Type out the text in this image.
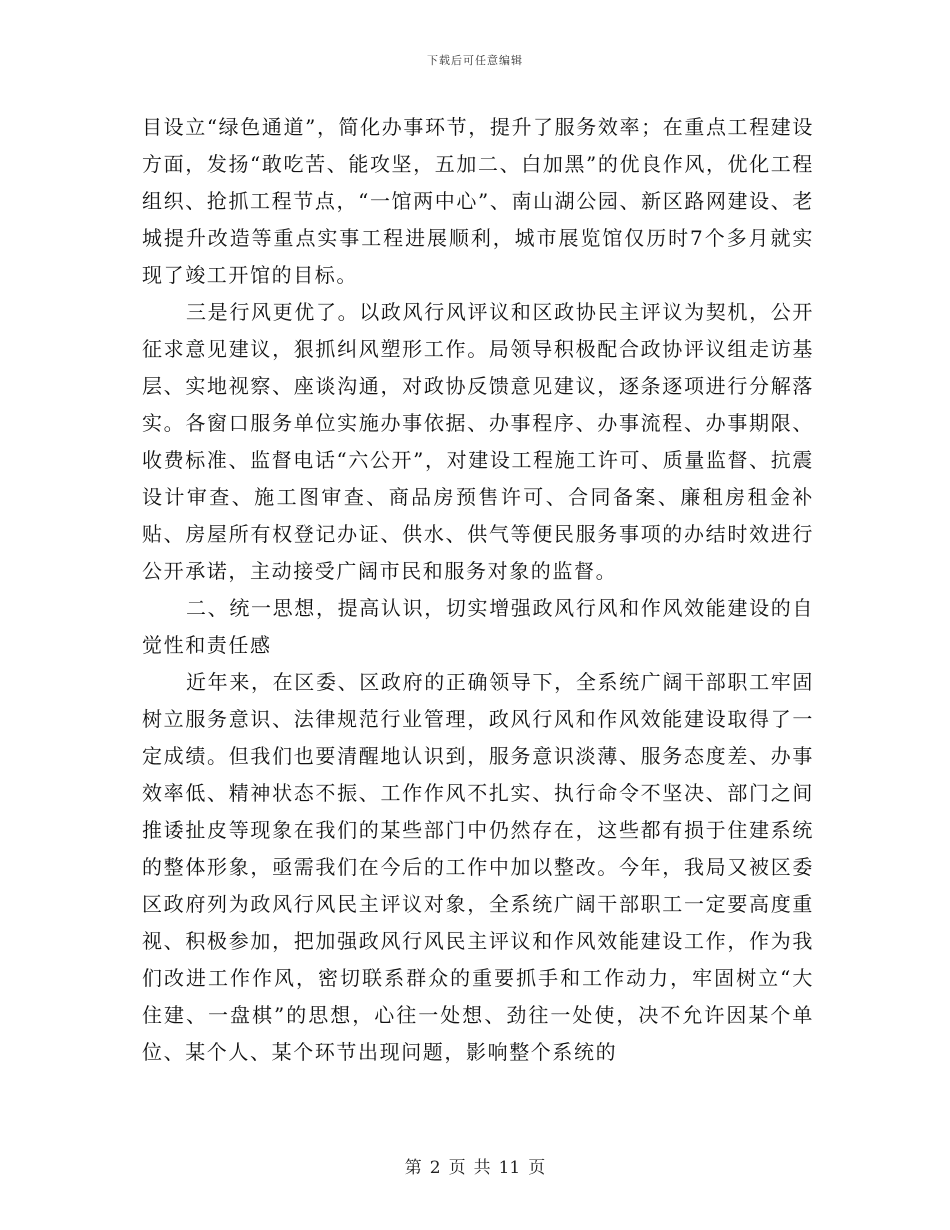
下载后可任意编辑

目设立“绿色通道”，简化办事环节，提升了服务效率；在重点工程建设方面，发扬“敢吃苦、能攻坚，五加二、白加黑”的优良作风，优化工程组织、抢抓工程节点，“一馆两中心”、南山湖公园、新区路网建设、老城提升改造等重点实事工程进展顺利，城市展览馆仅历时7个多月就实现了竣工开馆的目标。

三是行风更优了。以政风行风评议和区政协民主评议为契机，公开征求意见建议，狠抓纠风塑形工作。局领导积极配合政协评议组走访基层、实地视察、座谈沟通，对政协反馈意见建议，逐条逐项进行分解落实。各窗口服务单位实施办事依据、办事程序、办事流程、办事期限、收费标准、监督电话“六公开”，对建设工程施工许可、质量监督、抗震设计审查、施工图审查、商品房预售许可、合同备案、廉租房租金补贴、房屋所有权登记办证、供水、供气等便民服务事项的办结时效进行公开承诺，主动接受广阔市民和服务对象的监督。

二、统一思想，提高认识，切实增强政风行风和作风效能建设的自觉性和责任感

近年来，在区委、区政府的正确领导下，全系统广阔干部职工牢固树立服务意识、法律规范行业管理，政风行风和作风效能建设取得了一定成绩。但我们也要清醒地认识到，服务意识淡薄、服务态度差、办事效率低、精神状态不振、工作作风不扎实、执行命令不坚决、部门之间推诿扯皮等现象在我们的某些部门中仍然存在，这些都有损于住建系统的整体形象，亟需我们在今后的工作中加以整改。今年，我局又被区委区政府列为政风行风民主评议对象，全系统广阔干部职工一定要高度重视、积极参加，把加强政风行风民主评议和作风效能建设工作，作为我们改进工作作风，密切联系群众的重要抓手和工作动力，牢固树立“大住建、一盘棋”的思想，心往一处想、劲往一处使，决不允许因某个单位、某个人、某个环节出现问题，影响整个系统的

第 2 页 共 11 页
